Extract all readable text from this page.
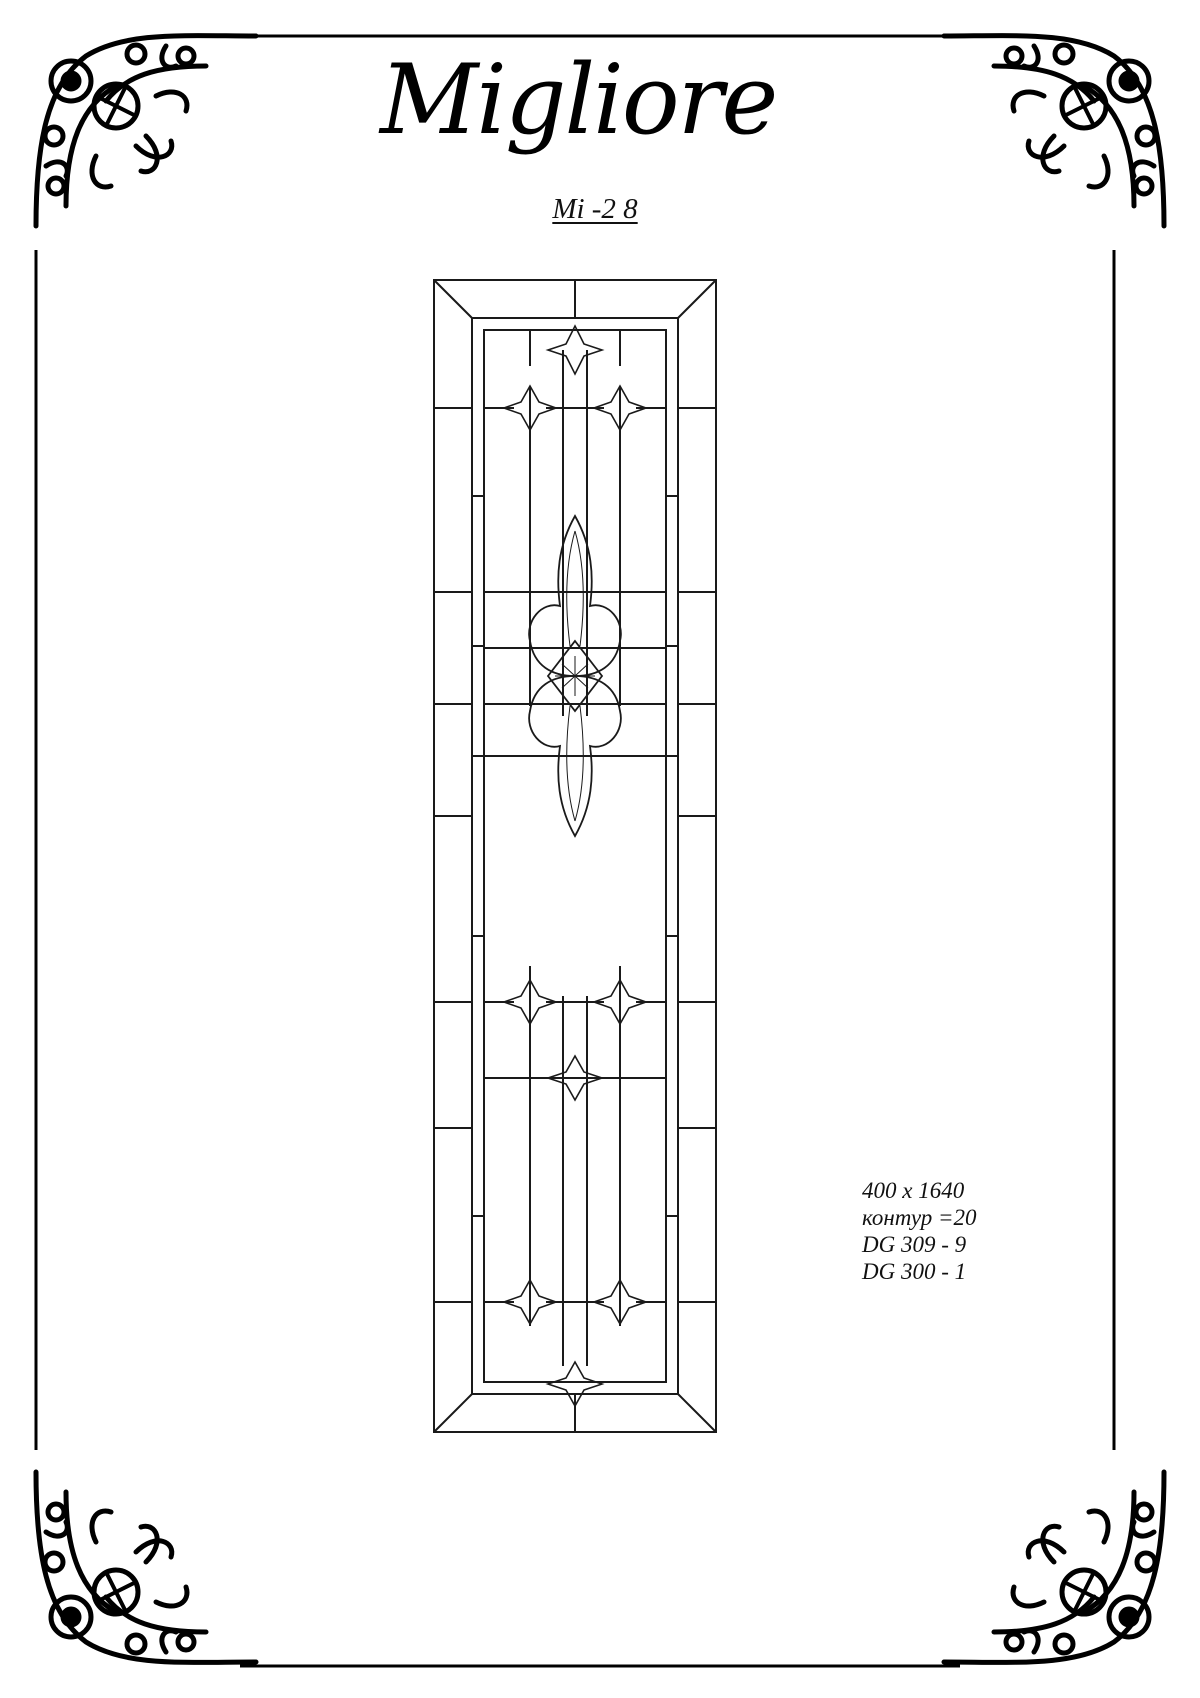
Migliore
Mi -2 8
400 x 1640
контур =20
DG 309 - 9
DG 300 - 1
